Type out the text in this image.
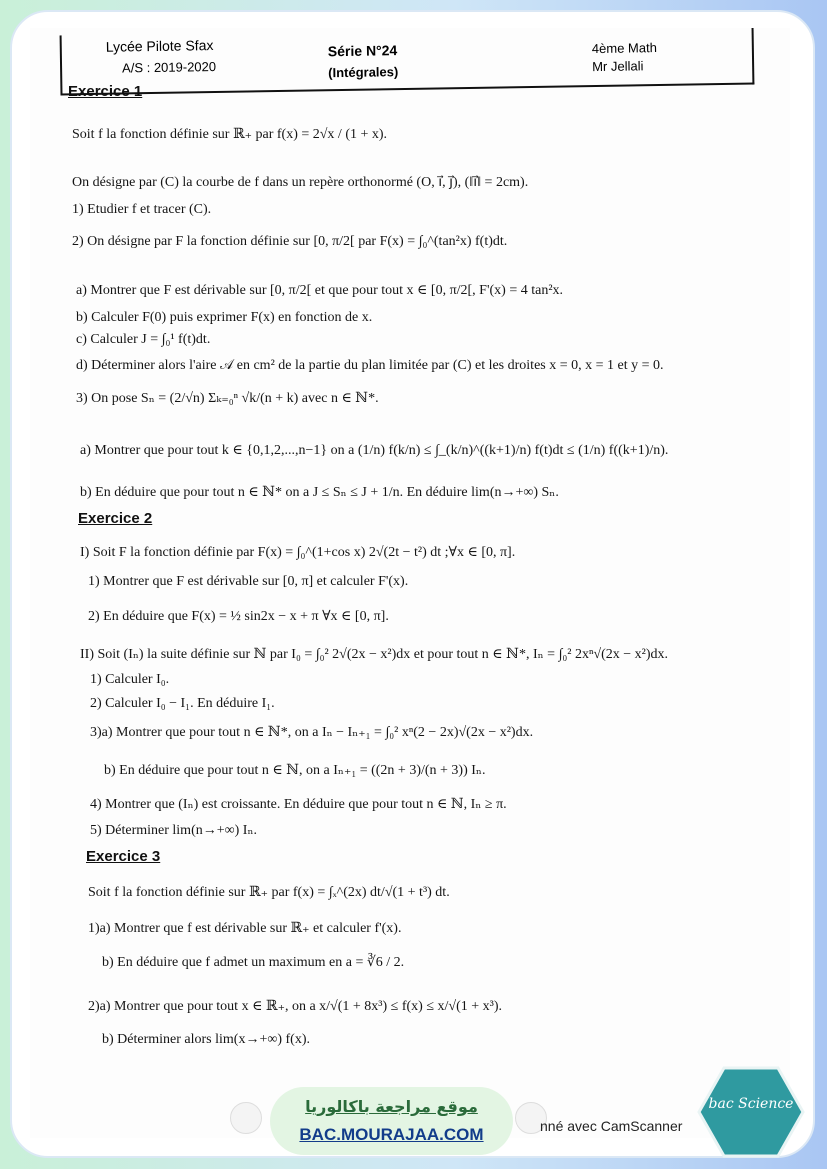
Lycée Pilote Sfax
A/S : 2019-2020
Série N°24
(Intégrales)
4ème Math
Mr Jellali
Exercice 1
Soit f la fonction définie sur ℝ₊ par f(x) = 2√x / (1 + x).
On désigne par (C) la courbe de f dans un repère orthonormé (O, i⃗, j⃗), (‖i⃗‖ = 2cm).
1) Etudier f et tracer (C).
2) On désigne par F la fonction définie sur [0, π/2[ par F(x) = ∫₀^(tan²x) f(t)dt.
a) Montrer que F est dérivable sur [0, π/2[ et que pour tout x ∈ [0, π/2[, F'(x) = 4 tan²x.
b) Calculer F(0) puis exprimer F(x) en fonction de x.
c) Calculer J = ∫₀¹ f(t)dt.
d) Déterminer alors l'aire 𝒜 en cm² de la partie du plan limitée par (C) et les droites x = 0, x = 1 et y = 0.
3) On pose Sₙ = (2/√n) Σₖ₌₀ⁿ √k/(n + k) avec n ∈ ℕ*.
a) Montrer que pour tout k ∈ {0,1,2,...,n−1} on a (1/n) f(k/n) ≤ ∫_(k/n)^((k+1)/n) f(t)dt ≤ (1/n) f((k+1)/n).
b) En déduire que pour tout n ∈ ℕ* on a J ≤ Sₙ ≤ J + 1/n. En déduire lim(n→+∞) Sₙ.
Exercice 2
I) Soit F la fonction définie par F(x) = ∫₀^(1+cos x) 2√(2t − t²) dt ;∀x ∈ [0, π].
1) Montrer que F est dérivable sur [0, π] et calculer F'(x).
2) En déduire que F(x) = ½ sin2x − x + π ∀x ∈ [0, π].
II) Soit (Iₙ) la suite définie sur ℕ par I₀ = ∫₀² 2√(2x − x²)dx et pour tout n ∈ ℕ*, Iₙ = ∫₀² 2xⁿ√(2x − x²)dx.
1) Calculer I₀.
2) Calculer I₀ − I₁. En déduire I₁.
3)a) Montrer que pour tout n ∈ ℕ*, on a Iₙ − Iₙ₊₁ = ∫₀² xⁿ(2 − 2x)√(2x − x²)dx.
b) En déduire que pour tout n ∈ ℕ, on a Iₙ₊₁ = ((2n + 3)/(n + 3)) Iₙ.
4) Montrer que (Iₙ) est croissante. En déduire que pour tout n ∈ ℕ, Iₙ ≥ π.
5) Déterminer lim(n→+∞) Iₙ.
Exercice 3
Soit f la fonction définie sur ℝ₊ par f(x) = ∫ₓ^(2x) dt/√(1 + t³) dt.
1)a) Montrer que f est dérivable sur ℝ₊ et calculer f'(x).
b) En déduire que f admet un maximum en a = ∛6 / 2.
2)a) Montrer que pour tout x ∈ ℝ₊, on a x/√(1 + 8x³) ≤ f(x) ≤ x/√(1 + x³).
b) Déterminer alors lim(x→+∞) f(x).
موقع مراجعة باكالوريا
BAC.MOURAJAA.COM	nné avec CamScanner
bac Science
